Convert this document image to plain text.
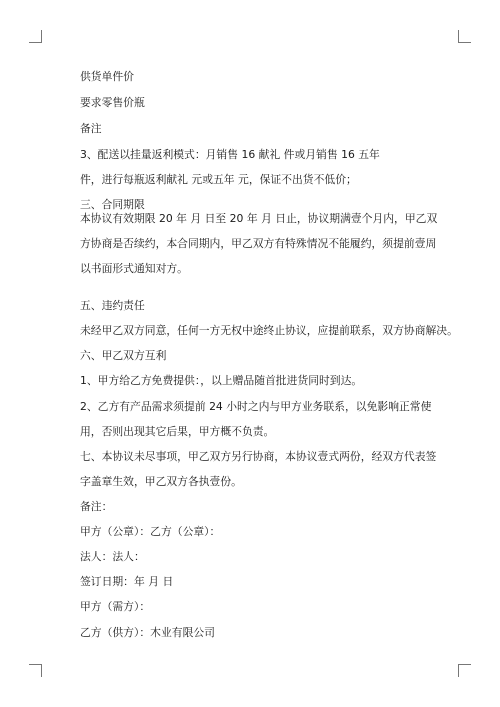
供货单件价
要求零售价瓶
备注
3、配送以挂量返利模式：月销售 16 献礼 件或月销售 16 五年
件，进行每瓶返利献礼 元或五年 元，保证不出货不低价；
三、合同期限
本协议有效期限 20 年 月 日至 20 年 月 日止，协议期满壹个月内，甲乙双方协商是否续约，本合同期内，甲乙双方有特殊情况不能履约，须提前壹周以书面形式通知对方。
五、违约责任
未经甲乙双方同意，任何一方无权中途终止协议，应提前联系，双方协商解决。
六、甲乙双方互利
1、甲方给乙方免费提供：，以上赠品随首批进货同时到达。
2、乙方有产品需求须提前 24 小时之内与甲方业务联系，以免影响正常使用，否则出现其它后果，甲方概不负责。
七、本协议未尽事项，甲乙双方另行协商，本协议壹式两份，经双方代表签字盖章生效，甲乙双方各执壹份。
备注：
甲方（公章）：乙方（公章）：
法人：法人：
签订日期：年 月 日
甲方（需方）：
乙方（供方）：木业有限公司
